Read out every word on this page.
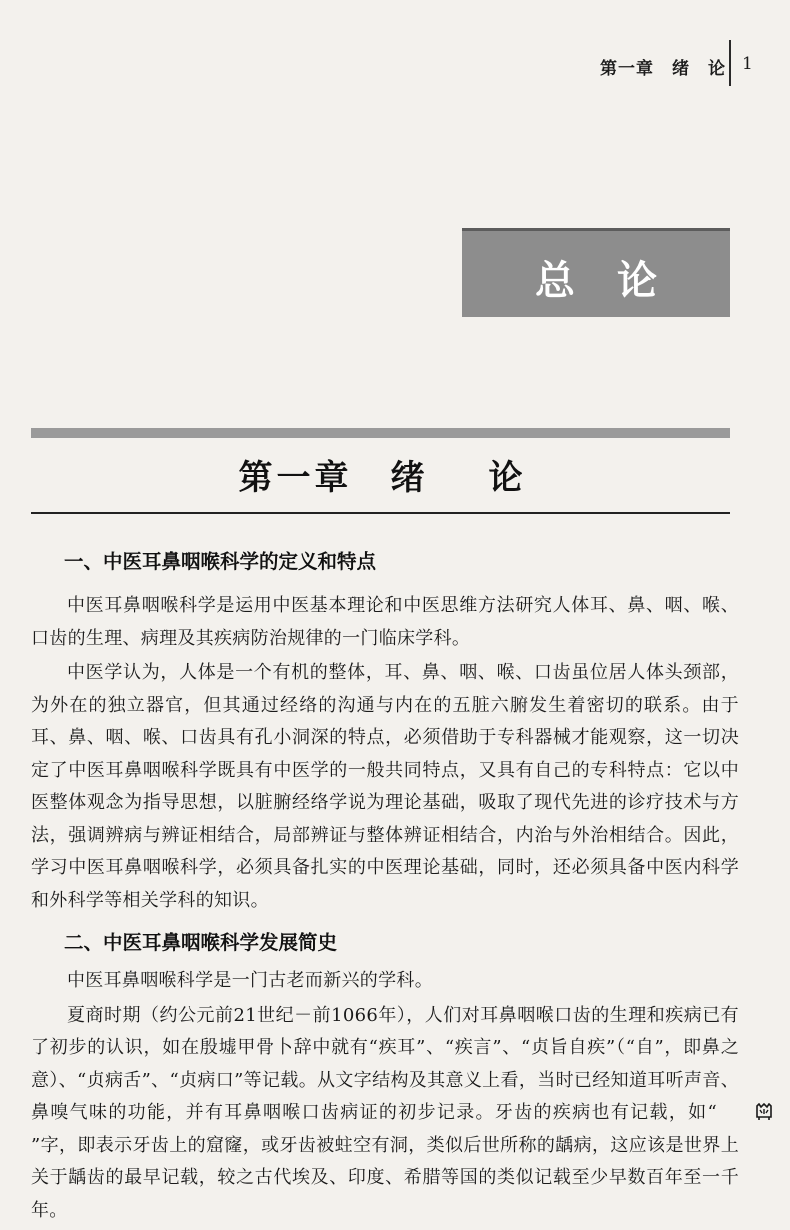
第一章　绪　论 1
总论
第一章 绪 论
一、中医耳鼻咽喉科学的定义和特点

中医耳鼻咽喉科学是运用中医基本理论和中医思维方法研究人体耳、鼻、咽、喉、口齿的生理、病理及其疾病防治规律的一门临床学科。

中医学认为，人体是一个有机的整体，耳、鼻、咽、喉、口齿虽位居人体头颈部，为外在的独立器官，但其通过经络的沟通与内在的五脏六腑发生着密切的联系。由于耳、鼻、咽、喉、口齿具有孔小洞深的特点，必须借助于专科器械才能观察，这一切决定了中医耳鼻咽喉科学既具有中医学的一般共同特点，又具有自己的专科特点：它以中医整体观念为指导思想，以脏腑经络学说为理论基础，吸取了现代先进的诊疗技术与方法，强调辨病与辨证相结合，局部辨证与整体辨证相结合，内治与外治相结合。因此，学习中医耳鼻咽喉科学，必须具备扎实的中医理论基础，同时，还必须具备中医内科学和外科学等相关学科的知识。

二、中医耳鼻咽喉科学发展简史

中医耳鼻咽喉科学是一门古老而新兴的学科。

夏商时期（约公元前21世纪－前1066年），人们对耳鼻咽喉口齿的生理和疾病已有了初步的认识，如在殷墟甲骨卜辞中就有“疾耳”、“疾言”、“贞旨自疾”（“自”，即鼻之意）、“贞病舌”、“贞病口”等记载。从文字结构及其意义上看，当时已经知道耳听声音、鼻嗅气味的功能，并有耳鼻咽喉口齿病证的初步记录。牙齿的疾病也有记载，如“”字，即表示牙齿上的窟窿，或牙齿被蛀空有洞，类似后世所称的龋病，这应该是世界上关于龋齿的最早记载，较之古代埃及、印度、希腊等国的类似记载至少早数百年至一千年。
